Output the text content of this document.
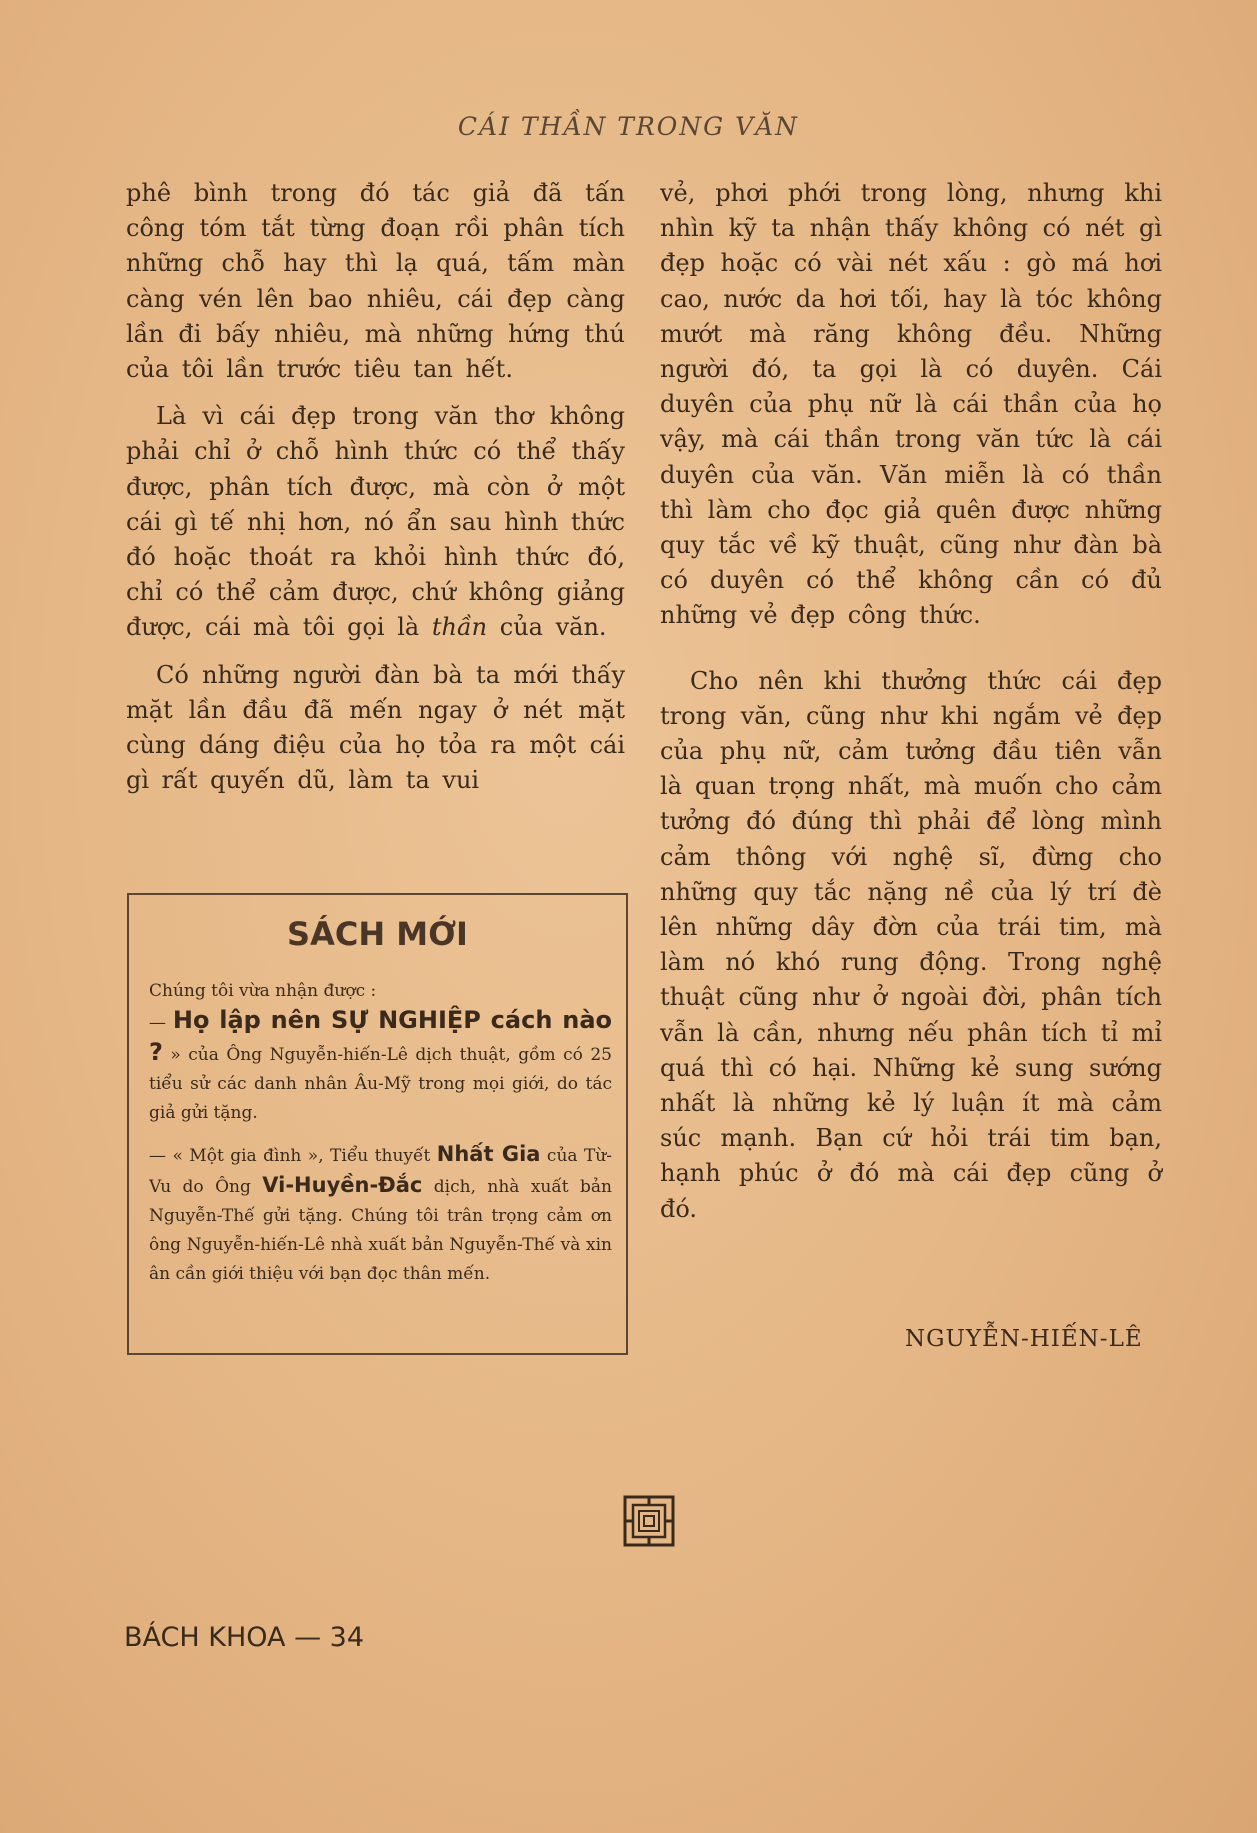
CÁI THẦN TRONG VĂN

phê bình trong đó tác giả đã tấn công tóm tắt từng đoạn rồi phân tích những chỗ hay thì lạ quá, tấm màn càng vén lên bao nhiêu, cái đẹp càng lần đi bấy nhiêu, mà những hứng thú của tôi lần trước tiêu tan hết.

Là vì cái đẹp trong văn thơ không phải chỉ ở chỗ hình thức có thể thấy được, phân tích được, mà còn ở một cái gì tế nhị hơn, nó ẩn sau hình thức đó hoặc thoát ra khỏi hình thức đó, chỉ có thể cảm được, chứ không giảng được, cái mà tôi gọi là thần của văn.

Có những người đàn bà ta mới thấy mặt lần đầu đã mến ngay ở nét mặt cùng dáng điệu của họ tỏa ra một cái gì rất quyến dũ, làm ta vui

SÁCH MỚI

Chúng tôi vừa nhận được :

— Họ lập nên SỰ NGHIỆP cách nào ? » của Ông Nguyễn-hiến-Lê dịch thuật, gồm có 25 tiểu sử các danh nhân Âu-Mỹ trong mọi giới, do tác giả gửi tặng.

— « Một gia đình », Tiểu thuyết Nhất Gia của Từ-Vu do Ông Vi-Huyền-Đắc dịch, nhà xuất bản Nguyễn-Thế gửi tặng. Chúng tôi trân trọng cảm ơn ông Nguyễn-hiến-Lê nhà xuất bản Nguyễn-Thế và xin ân cần giới thiệu với bạn đọc thân mến.

vẻ, phơi phới trong lòng, nhưng khi nhìn kỹ ta nhận thấy không có nét gì đẹp hoặc có vài nét xấu : gò má hơi cao, nước da hơi tối, hay là tóc không mướt mà răng không đều. Những người đó, ta gọi là có duyên. Cái duyên của phụ nữ là cái thần của họ vậy, mà cái thần trong văn tức là cái duyên của văn. Văn miễn là có thần thì làm cho đọc giả quên được những quy tắc về kỹ thuật, cũng như đàn bà có duyên có thể không cần có đủ những vẻ đẹp công thức.

Cho nên khi thưởng thức cái đẹp trong văn, cũng như khi ngắm vẻ đẹp của phụ nữ, cảm tưởng đầu tiên vẫn là quan trọng nhất, mà muốn cho cảm tưởng đó đúng thì phải để lòng mình cảm thông với nghệ sĩ, đừng cho những quy tắc nặng nề của lý trí đè lên những dây đờn của trái tim, mà làm nó khó rung động. Trong nghệ thuật cũng như ở ngoài đời, phân tích vẫn là cần, nhưng nếu phân tích tỉ mỉ quá thì có hại. Những kẻ sung sướng nhất là những kẻ lý luận ít mà cảm súc mạnh. Bạn cứ hỏi trái tim bạn, hạnh phúc ở đó mà cái đẹp cũng ở đó.

NGUYỄN-HIẾN-LÊ
BÁCH KHOA — 34
